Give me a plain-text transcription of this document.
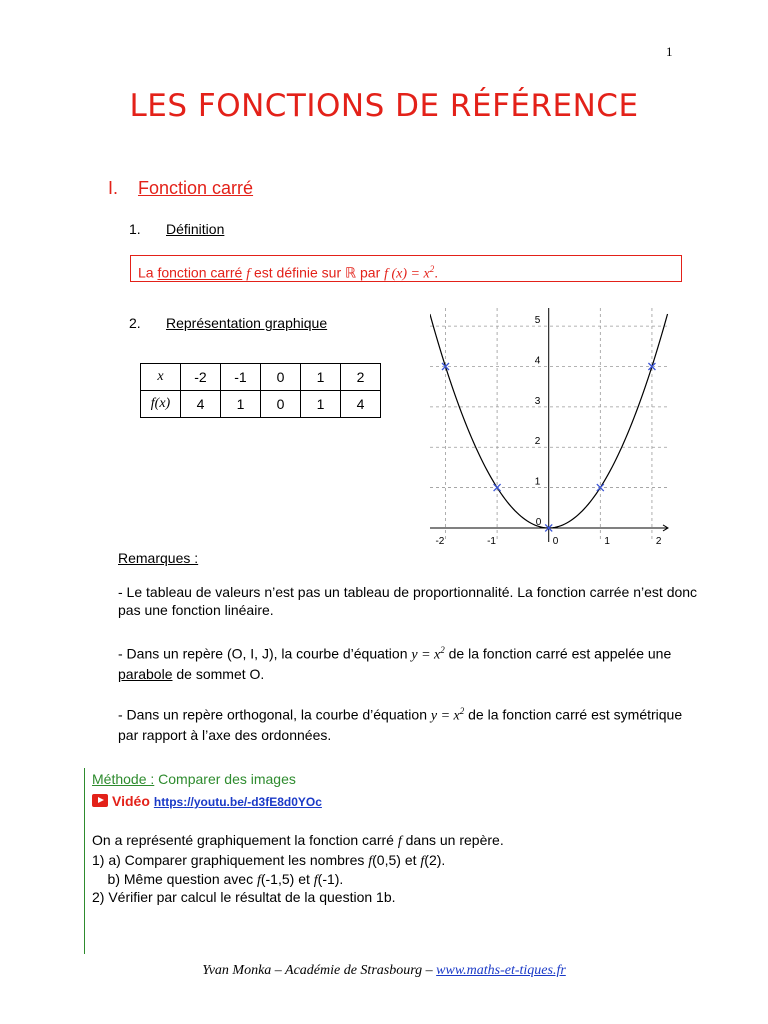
1
LES FONCTIONS DE RÉFÉRENCE
I. Fonction carré
1. Définition
La fonction carré f est définie sur ℝ par f $(x) = x^2$.
2. Représentation graphique
x	-2	-1	0	1	2
f(x)	4	1	0	1	4
-2	-1	0	1	2
1
2
3
4
5
0
Remarques :
- Le tableau de valeurs n’est pas un tableau de proportionnalité. La fonction carrée n’est donc pas une fonction linéaire.
- Dans un repère (O, I, J), la courbe d’équation $y = x^2$ de la fonction carré est appelée une parabole de sommet O.
- Dans un repère orthogonal, la courbe d’équation $y = x^2$ de la fonction carré est symétrique par rapport à l’axe des ordonnées.
Méthode : Comparer des images
Vidéo https://youtu.be/-d3fE8d0YOc
On a représenté graphiquement la fonction carré f dans un repère.
1) a) Comparer graphiquement les nombres f(0,5) et f(2).
b) Même question avec f(-1,5) et f(-1).
2) Vérifier par calcul le résultat de la question 1b.
Yvan Monka – Académie de Strasbourg – www.maths-et-tiques.fr
